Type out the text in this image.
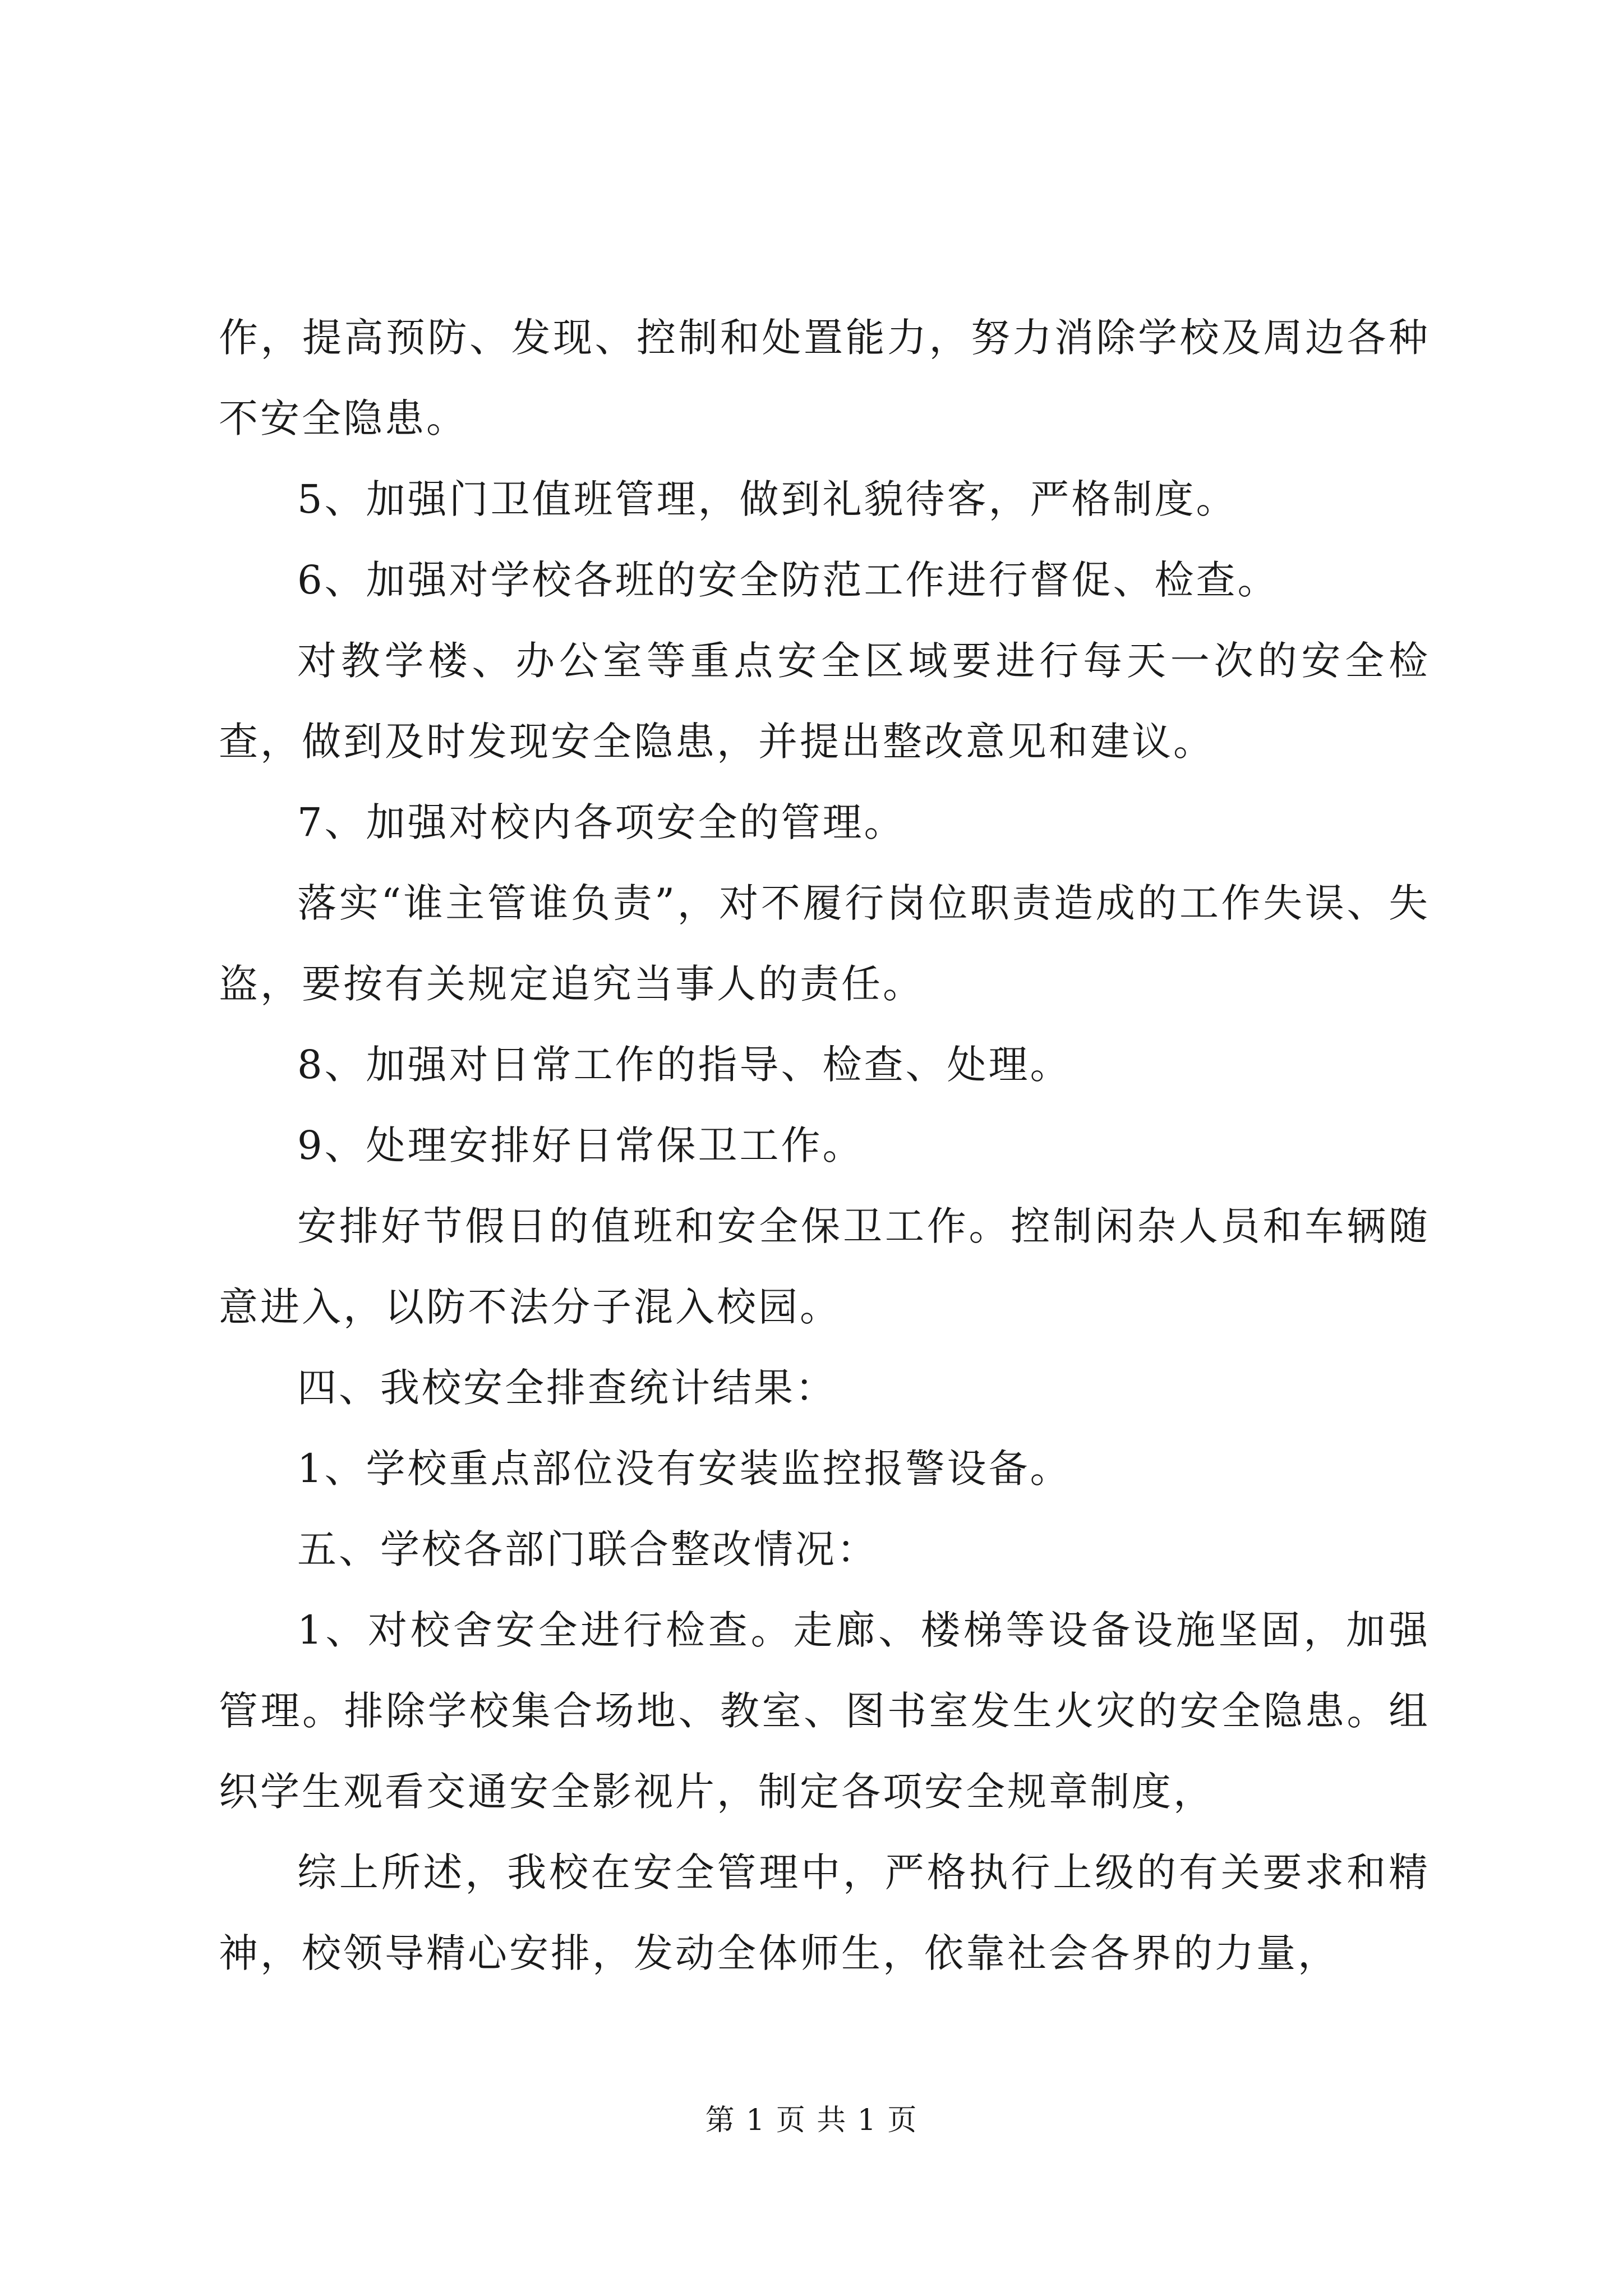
作，提高预防、发现、控制和处置能力，努力消除学校及周边各种不安全隐患。

5、加强门卫值班管理，做到礼貌待客，严格制度。

6、加强对学校各班的安全防范工作进行督促、检查。

对教学楼、办公室等重点安全区域要进行每天一次的安全检查，做到及时发现安全隐患，并提出整改意见和建议。

7、加强对校内各项安全的管理。

落实“谁主管谁负责”，对不履行岗位职责造成的工作失误、失盗，要按有关规定追究当事人的责任。

8、加强对日常工作的指导、检查、处理。

9、处理安排好日常保卫工作。

安排好节假日的值班和安全保卫工作。控制闲杂人员和车辆随意进入，以防不法分子混入校园。

四、我校安全排查统计结果：

1、学校重点部位没有安装监控报警设备。

五、学校各部门联合整改情况：

1、对校舍安全进行检查。走廊、楼梯等设备设施坚固，加强管理。排除学校集合场地、教室、图书室发生火灾的安全隐患。组织学生观看交通安全影视片，制定各项安全规章制度，

综上所述，我校在安全管理中，严格执行上级的有关要求和精神，校领导精心安排，发动全体师生，依靠社会各界的力量，

第 1 页 共 1 页
